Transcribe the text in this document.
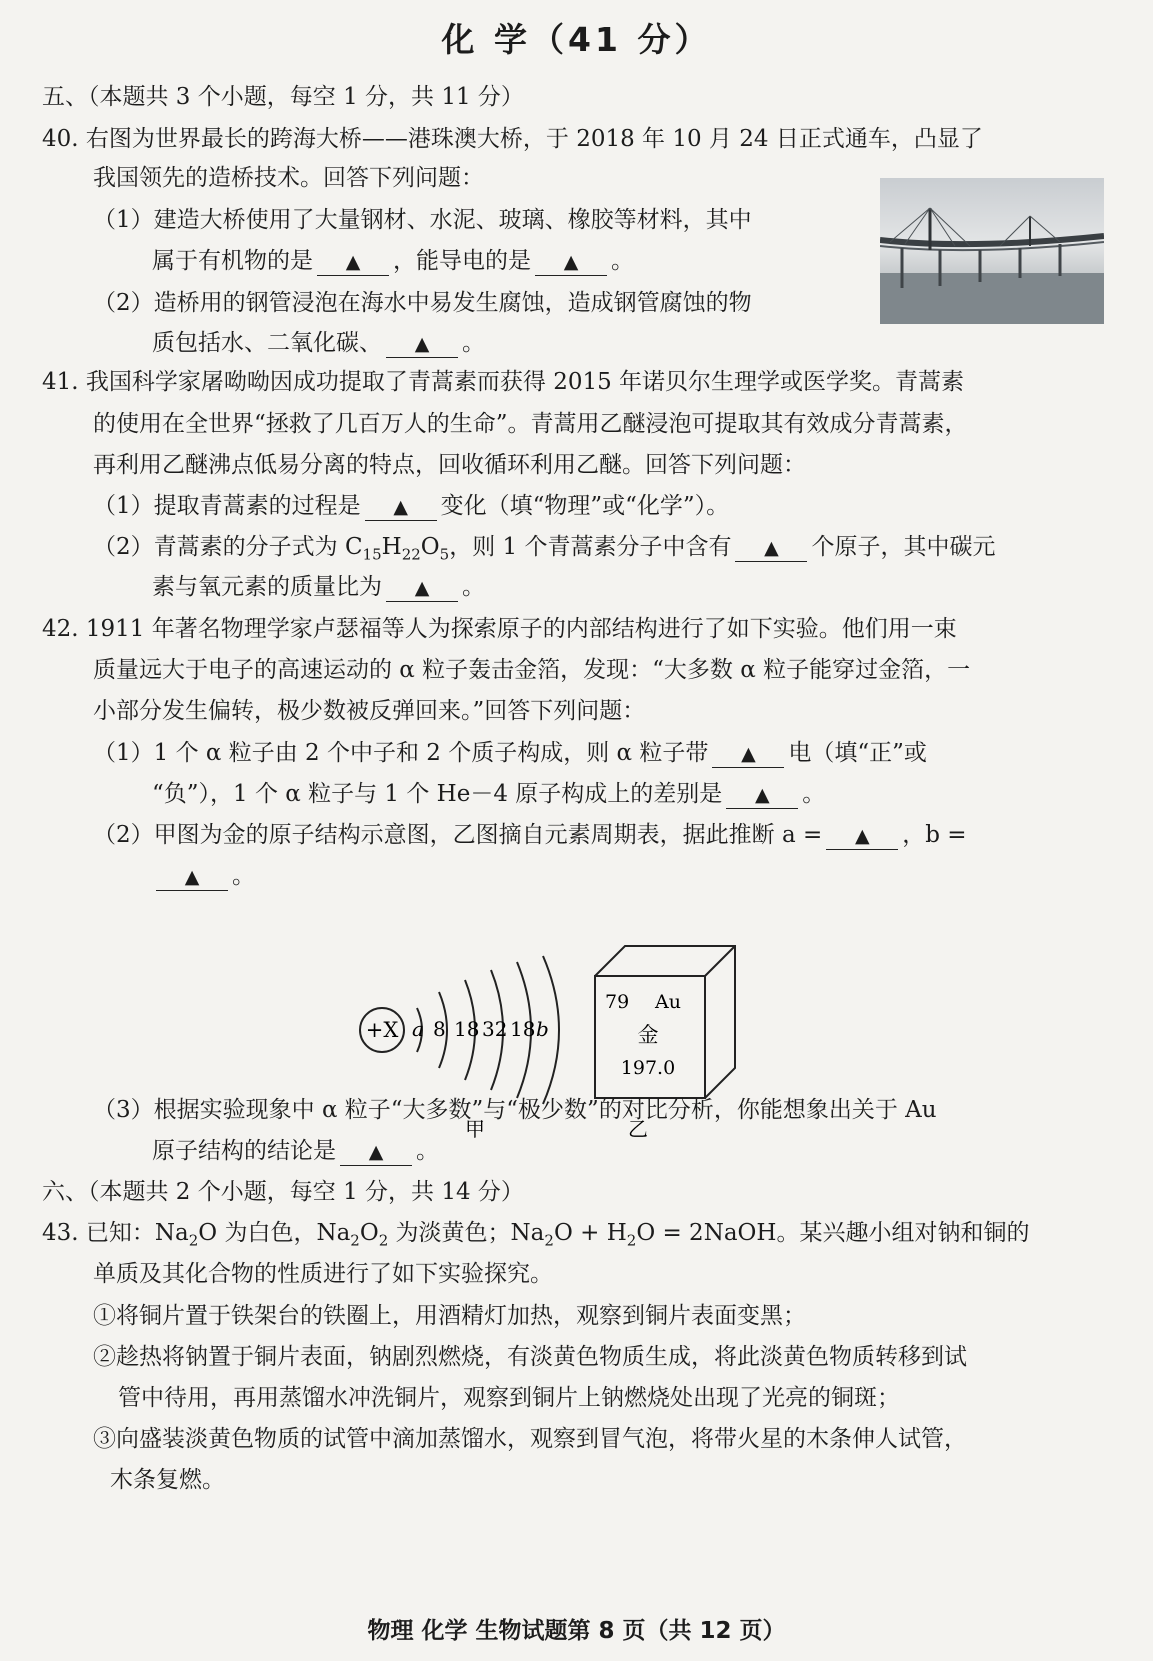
化 学（41 分）
五、（本题共 3 个小题，每空 1 分，共 11 分）
40. 右图为世界最长的跨海大桥——港珠澳大桥，于 2018 年 10 月 24 日正式通车，凸显了
我国领先的造桥技术。回答下列问题：
（1）建造大桥使用了大量钢材、水泥、玻璃、橡胶等材料，其中
属于有机物的是 ▲ ，能导电的是 ▲ 。
（2）造桥用的钢管浸泡在海水中易发生腐蚀，造成钢管腐蚀的物
质包括水、二氧化碳、 ▲ 。
41. 我国科学家屠呦呦因成功提取了青蒿素而获得 2015 年诺贝尔生理学或医学奖。青蒿素
的使用在全世界“拯救了几百万人的生命”。青蒿用乙醚浸泡可提取其有效成分青蒿素，
再利用乙醚沸点低易分离的特点，回收循环利用乙醚。回答下列问题：
（1）提取青蒿素的过程是 ▲ 变化（填“物理”或“化学”）。
（2）青蒿素的分子式为 $C_{15}H_{22}O_5$，则 1 个青蒿素分子中含有 ▲ 个原子，其中碳元
素与氧元素的质量比为 ▲ 。
42. 1911 年著名物理学家卢瑟福等人为探索原子的内部结构进行了如下实验。他们用一束
质量远大于电子的高速运动的 α 粒子轰击金箔，发现：“大多数 α 粒子能穿过金箔，一
小部分发生偏转，极少数被反弹回来。”回答下列问题：
（1）1 个 α 粒子由 2 个中子和 2 个质子构成，则 α 粒子带 ▲ 电（填“正”或
“负”），1 个 α 粒子与 1 个 He－4 原子构成上的差别是 ▲ 。
（2）甲图为金的原子结构示意图，乙图摘自元素周期表，据此推断 a = ▲ ，b =
▲ 。
+X a 8 18 32 18 b
甲
79 Au
金
197.0
乙
（3）根据实验现象中 α 粒子“大多数”与“极少数”的对比分析，你能想象出关于 Au
原子结构的结论是 ▲ 。
六、（本题共 2 个小题，每空 1 分，共 14 分）
43. 已知：$Na_2O$ 为白色，$Na_2O_2$ 为淡黄色；$Na_2O + H_2O$ = 2NaOH。某兴趣小组对钠和铜的
单质及其化合物的性质进行了如下实验探究。
①将铜片置于铁架台的铁圈上，用酒精灯加热，观察到铜片表面变黑；
②趁热将钠置于铜片表面，钠剧烈燃烧，有淡黄色物质生成，将此淡黄色物质转移到试
管中待用，再用蒸馏水冲洗铜片，观察到铜片上钠燃烧处出现了光亮的铜斑；
③向盛装淡黄色物质的试管中滴加蒸馏水，观察到冒气泡，将带火星的木条伸人试管，
木条复燃。
物理 化学 生物试题第 8 页（共 12 页）
